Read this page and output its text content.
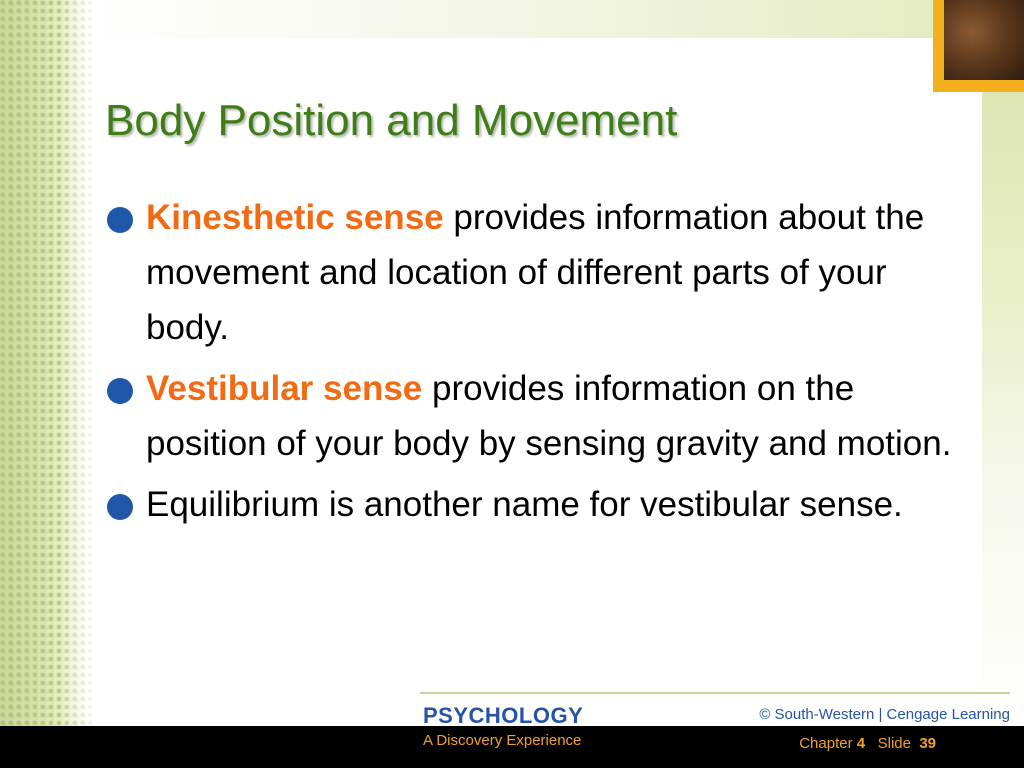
Body Position and Movement
Kinesthetic sense provides information about the movement and location of different parts of your body.
Vestibular sense provides information on the position of your body by sensing gravity and motion.
Equilibrium is another name for vestibular sense.
PSYCHOLOGY
A Discovery Experience
© South-Western | Cengage Learning
Chapter 4 Slide 39
